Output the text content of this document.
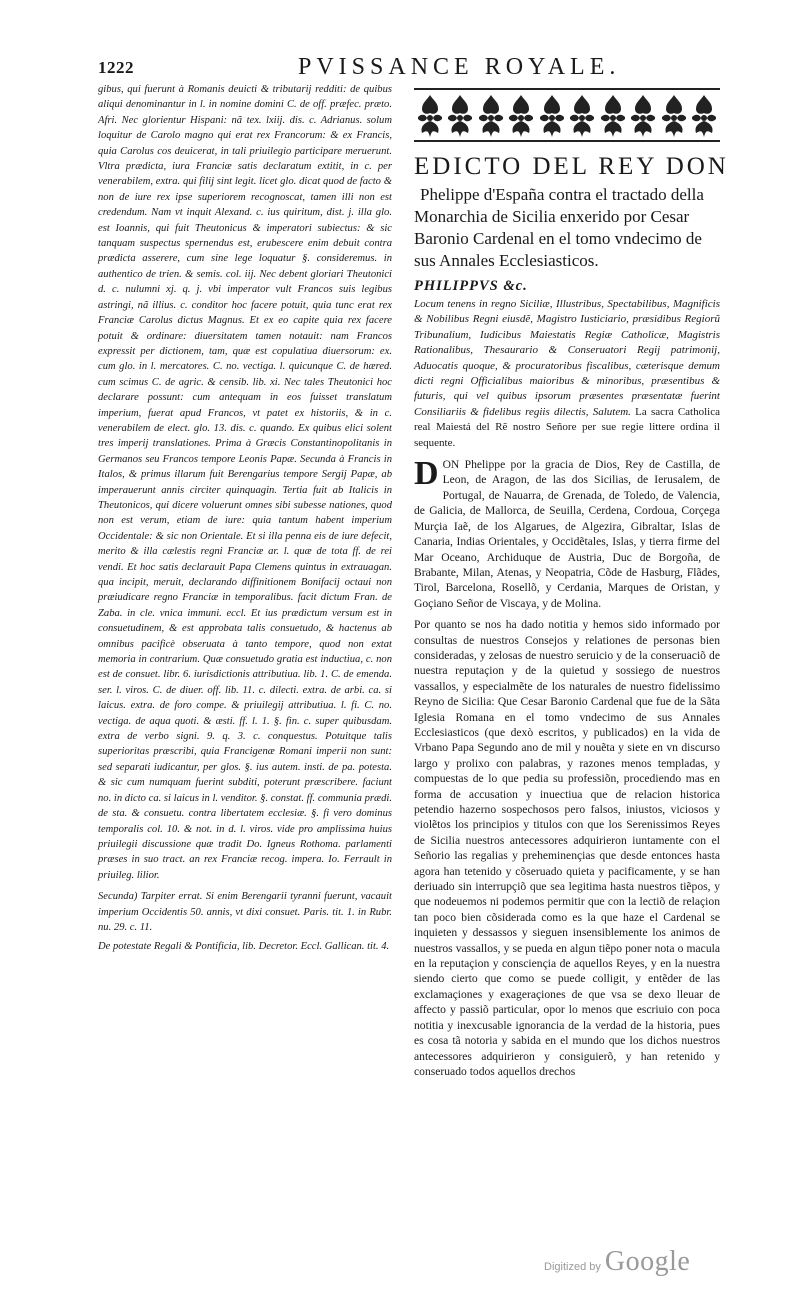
1222	PVISSANCE ROYALE.

gibus, qui fuerunt à Romanis deuicti & tributarij redditi: de quibus aliqui denominantur in l. in nomine domini C. de off. præfec. præto. Afri. Nec glorientur Hispani: nã tex. lxiij. dis. c. Adrianus. solum loquitur de Carolo magno qui erat rex Francorum: & ex Francis, quia Carolus cos deuicerat, in tali priuilegio participare meruerunt. Vltra prædicta, iura Franciæ satis declaratum extitit, in c. per venerabilem, extra. qui filij sint legit. licet glo. dicat quod de facto & non de iure rex ipse superiorem recognoscat, tamen illi non est credendum. Nam vt inquit Alexand. c. ius quiritum, dist. j. illa glo. est Ioannis, qui fuit Theutonicus & imperatori subiectus: & sic tanquam suspectus spernendus est, erubescere enim debuit contra prædicta asserere, cum sine lege loquatur §. consideremus. in authentico de trien. & semis. col. iij. Nec debent gloriari Theutonici d. c. nulumni xj. q. j. vbi imperator vult Francos suis legibus astringi, nã illius. c. conditor hoc facere potuit, quia tunc erat rex Franciæ Carolus dictus Magnus. Et ex eo capite quia rex facere potuit & ordinare: diuersitatem tamen notauit: nam Francos expressit per dictionem, tam, quæ est copulatiua diuersorum: ex. cum glo. in l. mercatores. C. no. vectiga. l. quicunque C. de hæred. cum scimus C. de agric. & censib. lib. xi. Nec tales Theutonici hoc declarare possunt: cum antequam in eos fuisset translatum imperium, fuerat apud Francos, vt patet ex historiis, & in c. venerabilem de elect. glo. 13. dis. c. quando. Ex quibus elici solent tres imperij translationes. Prima à Græcis Constantinopolitanis in Germanos seu Francos tempore Leonis Papæ. Secunda à Francis in Italos, & primus illarum fuit Berengarius tempore Sergij Papæ, ab imperauerunt annis circiter quinquagin. Tertia fuit ab Italicis in Theutonicos, qui dicere voluerunt omnes sibi subesse nationes, quod non est verum, etiam de iure: quia tantum habent imperium Occidentale: & sic non Orientale. Et si illa penna eis de iure defecit, merito & illa cælestis regni Franciæ ar. l. quæ de tota ff. de rei vendi. Et hoc satis declarauit Papa Clemens quintus in extrauagan. qua incipit, meruit, declarando diffinitionem Bonifacij octaui non præiudicare regno Franciæ in temporalibus. facit dictum Fran. de Zaba. in cle. vnica immuni. eccl. Et ius prædictum versum est in consuetudinem, & est approbata talis consuetudo, & hactenus ab omnibus pacificè obseruata à tanto tempore, quod non extat memoria in contrarium. Quæ consuetudo gratia est inductiua, c. non est de consuet. libr. 6. iurisdictionis attributiua. lib. 1. C. de emenda. ser. l. viros. C. de diuer. off. lib. 11. c. dilecti. extra. de arbi. ca. si laicus. extra. de foro compe. & priuilegij attributiua. l. fi. C. no. vectiga. de aqua quoti. & æsti. ff. l. 1. §. fin. c. super quibusdam. extra de verbo signi. 9. q. 3. c. conquestus. Potuitque talis superioritas præscribi, quia Francigenæ Romani imperii non sunt: sed separati iudicantur, per glos. §. ius autem. insti. de pa. potesta. & sic cum numquam fuerint subditi, poterunt præscribere. faciunt no. in dicto ca. si laicus in l. venditor. §. constat. ff. communia prædi. de sta. & consuetu. contra libertatem ecclesiæ. §. fi vero dominus temporalis col. 10. & not. in d. l. viros. vide pro amplissima huius priuilegii discussione quæ tradit Do. Igneus Rothoma. parlamenti præses in suo tract. an rex Franciæ recog. impera. Io. Ferrault in priuileg. lilior.

Secunda) Tarpiter errat. Si enim Berengarii tyranni fuerunt, vacauit imperium Occidentis 50. annis, vt dixi consuet. Paris. tit. 1. in Rubr. nu. 29. c. 11.

De potestate Regali & Pontificia, lib. Decretor. Eccl. Gallican. tit. 4.

EDICTO DEL REY DON

Phelippe d'España contra el tractado della Monarchia de Sicilia enxerido por Cesar Baronio Cardenal en el tomo vndecimo de sus Annales Ecclesiasticos.

PHILIPPVS &c.

Locum tenens in regno Siciliæ, Illustribus, Spectabilibus, Magnificis & Nobilibus Regni eiusdẽ, Magistro Iusticiario, præsidibus Regiorũ Tribunalium, Iudicibus Maiestatis Regiæ Catholicæ, Magistris Rationalibus, Thesaurario & Conseruatori Regij patrimonij, Aduocatis quoque, & procuratoribus fiscalibus, cæterisque demum dicti regni Officialibus maioribus & minoribus, præsentibus & futuris, qui vel quibus ipsorum præsentes præsentatæ fuerint Consiliariis & fidelibus regiis dilectis, Salutem. La sacra Catholica real Maiestá del Rẽ nostro Señore per sue regie littere ordina il sequente.

DON Phelippe por la gracia de Dios, Rey de Castilla, de Leon, de Aragon, de las dos Sicilias, de Ierusalem, de Portugal, de Nauarra, de Grenada, de Toledo, de Valencia, de Galicia, de Mallorca, de Seuilla, Cerdena, Cordoua, Corçega Murçia Iaẽ, de los Algarues, de Algezira, Gibraltar, Islas de Canaria, Indias Orientales, y Occidẽtales, Islas, y tierra firme del Mar Oceano, Archiduque de Austria, Duc de Borgoña, de Brabante, Milan, Atenas, y Neopatria, Cõde de Hasburg, Flãdes, Tirol, Barcelona, Rosellõ, y Cerdania, Marques de Oristan, y Goçiano Señor de Viscaya, y de Molina.

Por quanto se nos ha dado notitia y hemos sido informado por consultas de nuestros Consejos y relationes de personas bien consideradas, y zelosas de nuestro seruicio y de la conseruaciõ de nuestra reputaçion y de la quietud y sossiego de nuestros vassallos, y especialmẽte de los naturales de nuestro fidelissimo Reyno de Sicilia: Que Cesar Baronio Cardenal que fue de la Sãta Iglesia Romana en el tomo vndecimo de sus Annales Ecclesiasticos (que dexò escritos, y publicados) en la vida de Vrbano Papa Segundo ano de mil y nouẽta y siete en vn discurso largo y prolixo con palabras, y razones menos templadas, y compuestas de lo que pedia su professiõn, procediendo mas en forma de accusation y inuectiua que de relacion historica petendio hazerno sospechosos pero falsos, iniustos, viciosos y violẽtos los principios y titulos con que los Serenissimos Reyes de Sicilia nuestros antecessores adquirieron iuntamente con el Señorio las regalias y preheminençias que desde entonces hasta agora han tetenido y cõseruado quieta y pacificamente, y se han deriuado sin interrupçiõ que sea legitima hasta nuestros tiẽpos, y que nodeuemos ni podemos permitir que con la lectiõ de relaçion tan poco bien cõsiderada como es la que haze el Cardenal se inquieten y dessassos y sieguen insensiblemente los animos de nuestros vassallos, y se pueda en algun tiẽpo poner nota o macula en la reputaçion y consciençia de aquellos Reyes, y en la nuestra siendo cierto que como se puede colligit, y entẽder de las exclamaçiones y exageraçiones de que vsa se dexo lleuar de affecto y passiõ particular, opor lo menos que escriuio con poca notitia y inexcusable ignorancia de la verdad de la historia, pues es cosa tã notoria y sabida en el mundo que los dichos nuestros antecessores adquirieron y consiguierõ, y han retenido y conseruado todos aquellos drechos

Digitized by Google
